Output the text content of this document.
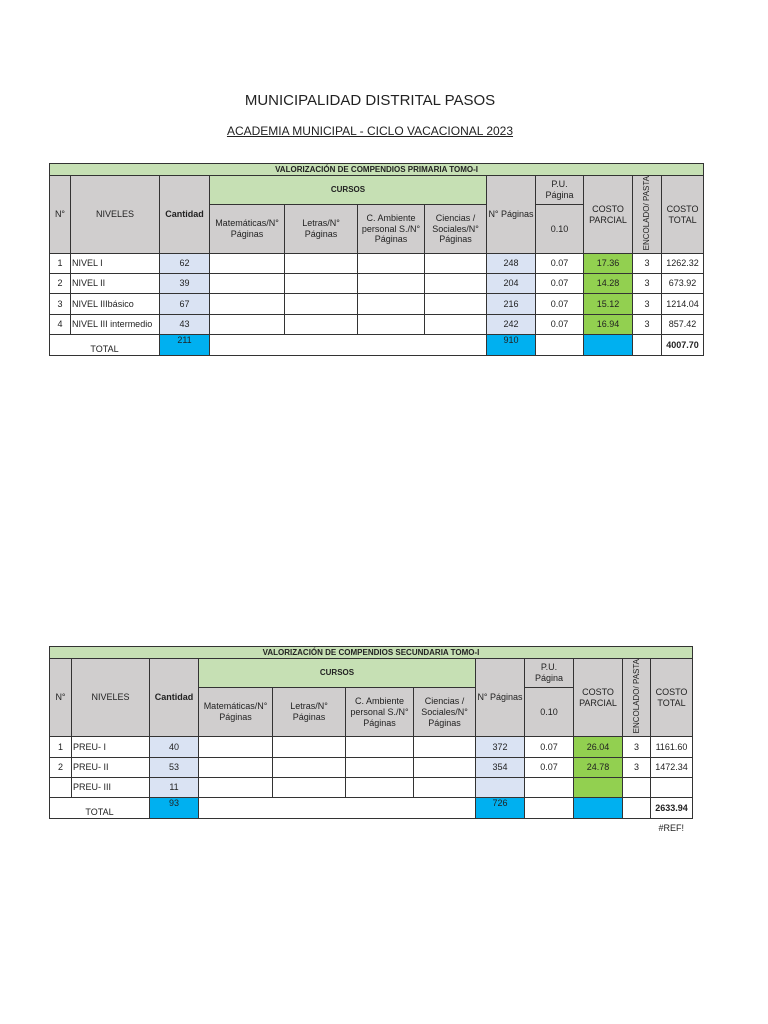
MUNICIPALIDAD DISTRITAL PASOS
ACADEMIA MUNICIPAL - CICLO VACACIONAL 2023
VALORIZACIÓN DE COMPENDIOS PRIMARIA TOMO-I											
N°	NIVELES	Cantidad	CURSOS				N° Páginas	P.U. Página	COSTO PARCIAL	ENCOLADO/ PASTA	COSTO TOTAL
			Matemáticas/N° Páginas	Letras/N° Páginas	C. Ambiente personal S./N° Páginas	Ciencias / Sociales/N° Páginas		0.10			
1	NIVEL I	62					248	0.07	17.36	3	1262.32
2	NIVEL II	39					204	0.07	14.28	3	673.92
3	NIVEL IIIbásico	67					216	0.07	15.12	3	1214.04
4	NIVEL III intermedio	43					242	0.07	16.94	3	857.42
TOTAL		211					910				4007.70
VALORIZACIÓN DE COMPENDIOS SECUNDARIA TOMO-I											
N°	NIVELES	Cantidad	CURSOS				N° Páginas	P.U. Página	COSTO PARCIAL	ENCOLADO/ PASTA	COSTO TOTAL
			Matemáticas/N° Páginas	Letras/N° Páginas	C. Ambiente personal S./N° Páginas	Ciencias / Sociales/N° Páginas		0.10			
1	PREU- I	40					372	0.07	26.04	3	1161.60
2	PREU- II	53					354	0.07	24.78	3	1472.34
	PREU- III	11									
TOTAL		93					726				2633.94
#REF!
